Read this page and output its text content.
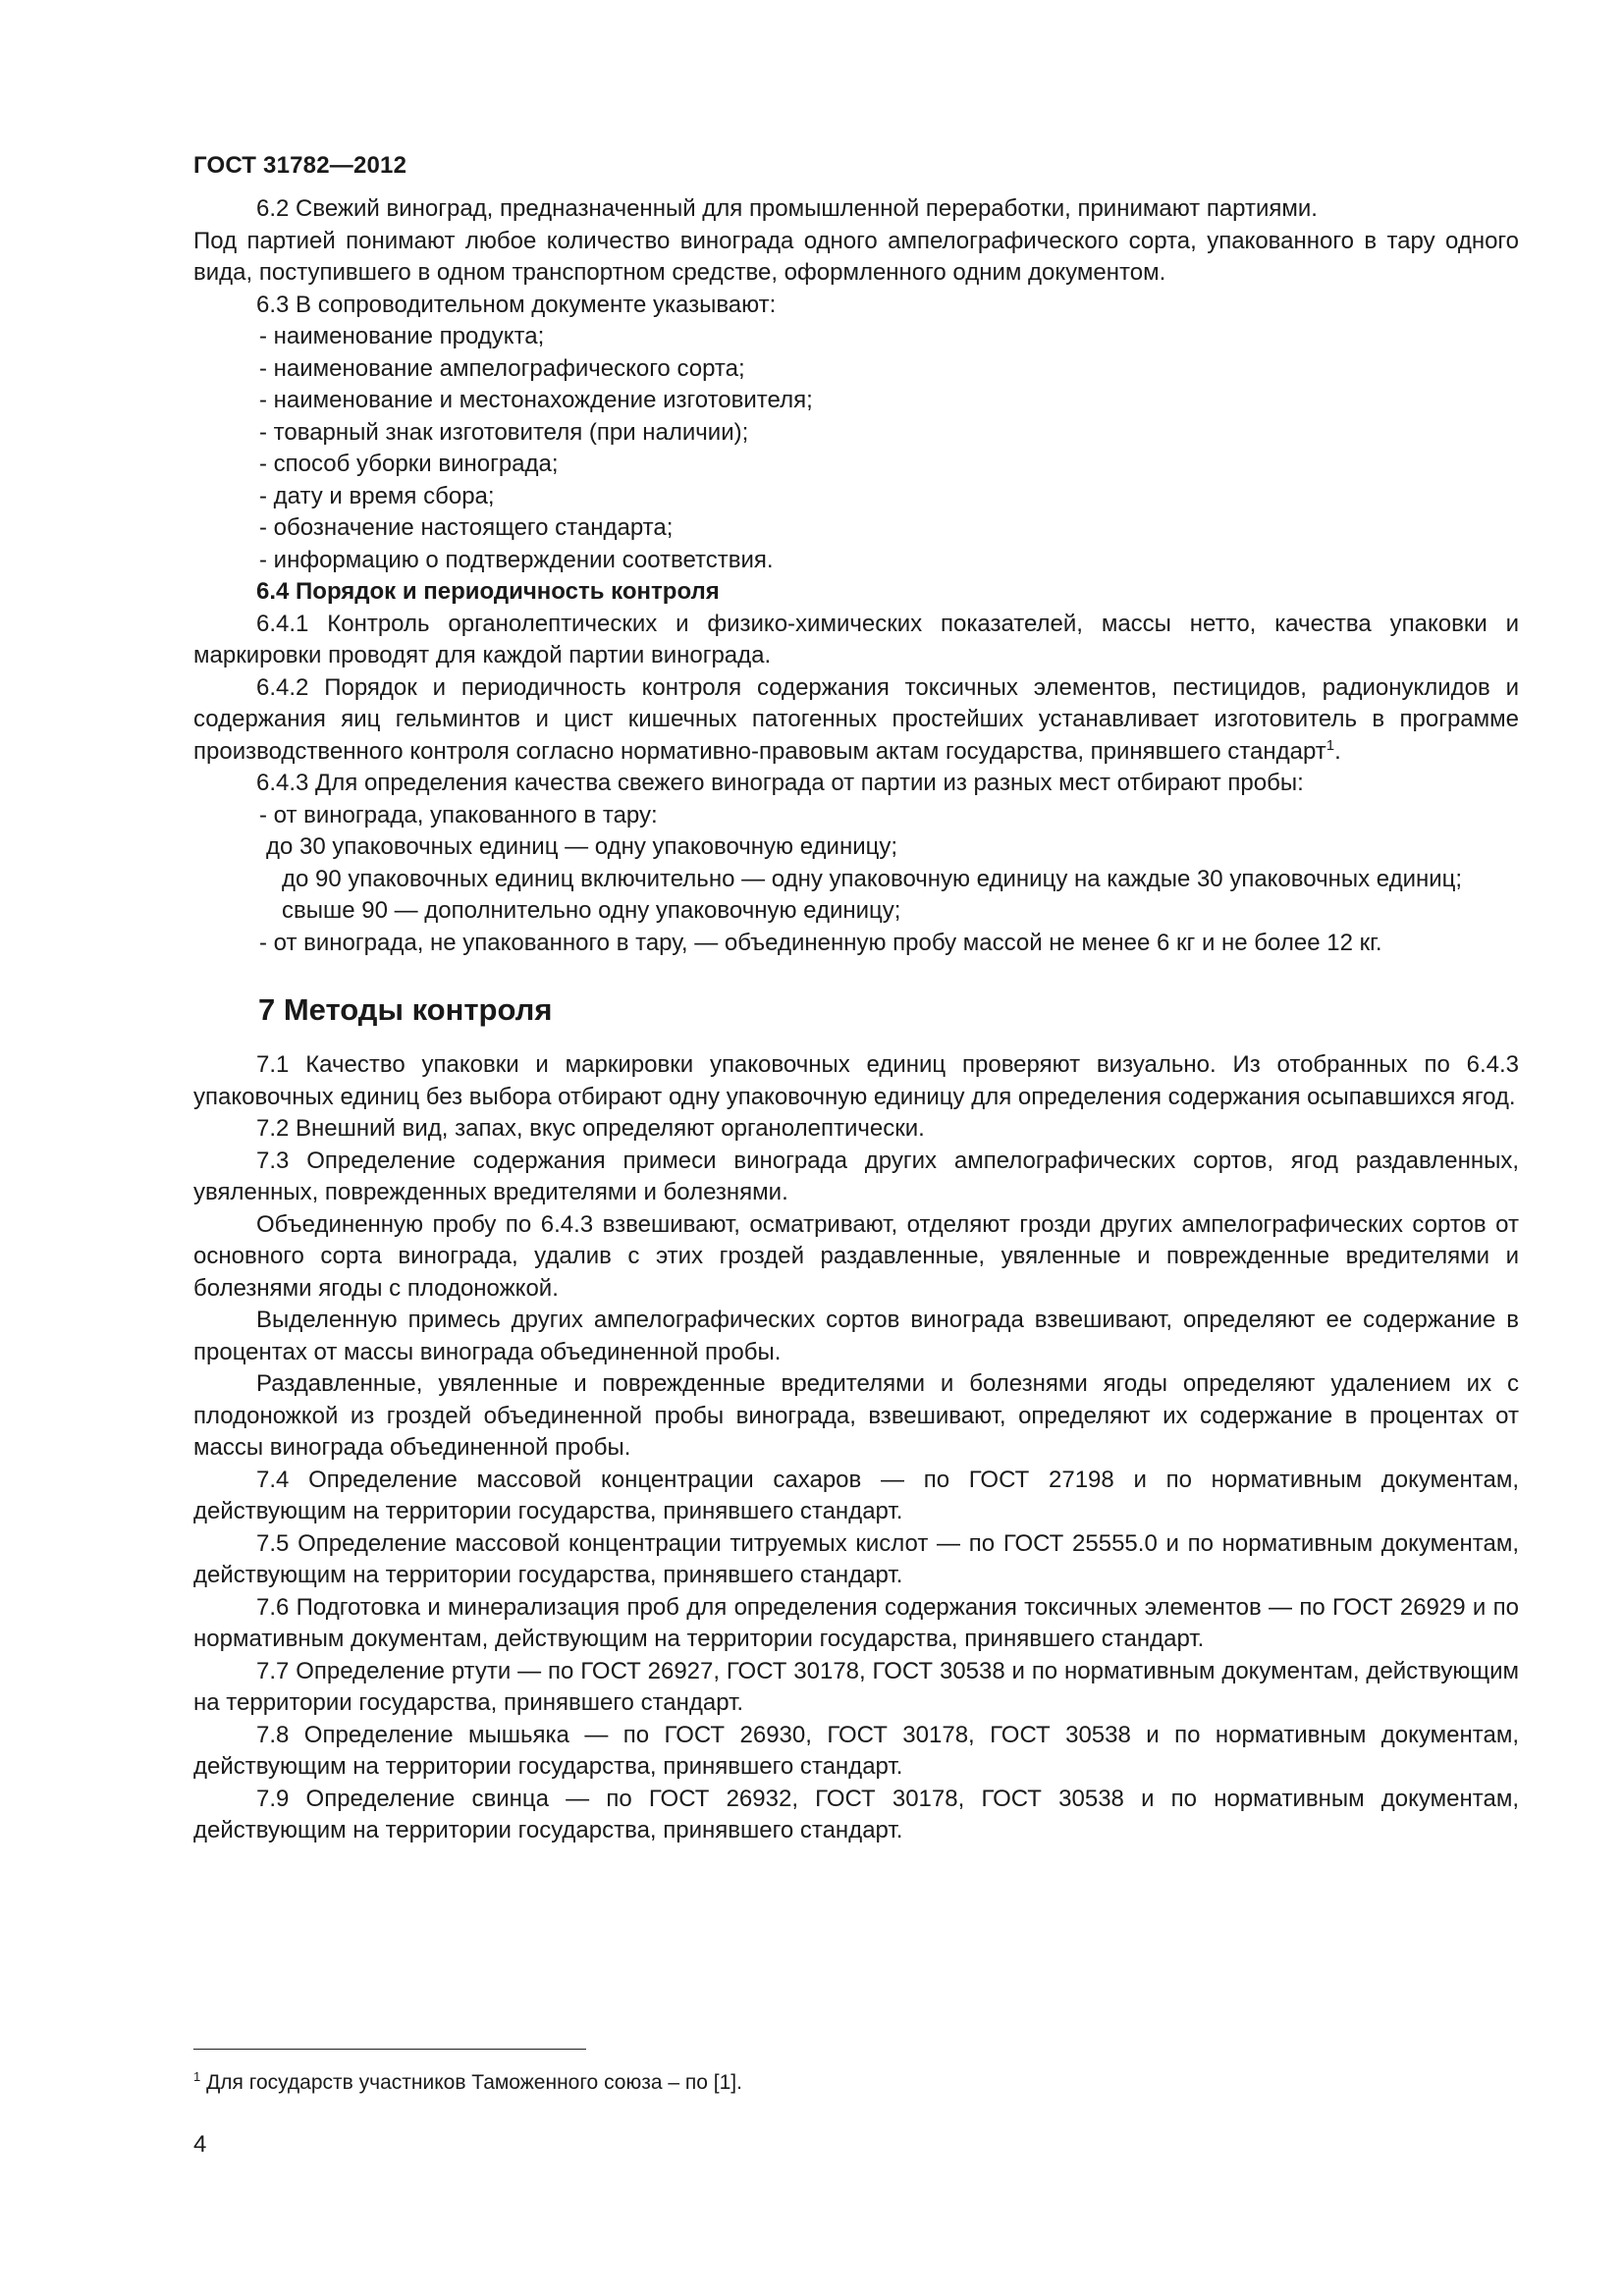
ГОСТ 31782—2012

6.2 Свежий виноград, предназначенный для промышленной переработки, принимают партиями.
Под партией понимают любое количество винограда одного ампелографического сорта, упакованного в тару одного вида, поступившего в одном транспортном средстве, оформленного одним документом.

6.3 В сопроводительном документе указывают:

- наименование продукта;

- наименование ампелографического сорта;

- наименование и местонахождение изготовителя;

- товарный знак изготовителя (при наличии);

- способ уборки винограда;

- дату и время сбора;

- обозначение настоящего стандарта;

- информацию о подтверждении соответствия.

6.4 Порядок и периодичность контроля

6.4.1 Контроль органолептических и физико-химических показателей, массы нетто, качества упаковки и маркировки проводят для каждой партии винограда.

6.4.2 Порядок и периодичность контроля содержания токсичных элементов, пестицидов, радионуклидов и содержания яиц гельминтов и цист кишечных патогенных простейших устанавливает изготовитель в программе производственного контроля согласно нормативно-правовым актам государства, принявшего стандарт$^1$.

6.4.3 Для определения качества свежего винограда от партии из разных мест отбирают пробы:

- от винограда, упакованного в тару:

до 30 упаковочных единиц — одну упаковочную единицу;

до 90 упаковочных единиц включительно — одну упаковочную единицу на каждые 30 упаковочных единиц;

свыше 90 — дополнительно одну упаковочную единицу;

- от винограда, не упакованного в тару, — объединенную пробу массой не менее 6 кг и не более 12 кг.

7 Методы контроля

7.1 Качество упаковки и маркировки упаковочных единиц проверяют визуально. Из отобранных по 6.4.3 упаковочных единиц без выбора отбирают одну упаковочную единицу для определения содержания осыпавшихся ягод.

7.2 Внешний вид, запах, вкус определяют органолептически.

7.3 Определение содержания примеси винограда других ампелографических сортов, ягод раздавленных, увяленных, поврежденных вредителями и болезнями.

Объединенную пробу по 6.4.3 взвешивают, осматривают, отделяют грозди других ампелографических сортов от основного сорта винограда, удалив с этих гроздей раздавленные, увяленные и поврежденные вредителями и болезнями ягоды с плодоножкой.

Выделенную примесь других ампелографических сортов винограда взвешивают, определяют ее содержание в процентах от массы винограда объединенной пробы.

Раздавленные, увяленные и поврежденные вредителями и болезнями ягоды определяют удалением их с плодоножкой из гроздей объединенной пробы винограда, взвешивают, определяют их содержание в процентах от массы винограда объединенной пробы.

7.4 Определение массовой концентрации сахаров — по ГОСТ 27198 и по нормативным документам, действующим на территории государства, принявшего стандарт.

7.5 Определение массовой концентрации титруемых кислот — по ГОСТ 25555.0 и по нормативным документам, действующим на территории государства, принявшего стандарт.

7.6 Подготовка и минерализация проб для определения содержания токсичных элементов — по ГОСТ 26929 и по нормативным документам, действующим на территории государства, принявшего стандарт.

7.7 Определение ртути — по ГОСТ 26927, ГОСТ 30178, ГОСТ 30538 и по нормативным документам, действующим на территории государства, принявшего стандарт.

7.8 Определение мышьяка — по ГОСТ 26930, ГОСТ 30178, ГОСТ 30538 и по нормативным документам, действующим на территории государства, принявшего стандарт.

7.9 Определение свинца — по ГОСТ 26932, ГОСТ 30178, ГОСТ 30538 и по нормативным документам, действующим на территории государства, принявшего стандарт.

$^1$ Для государств участников Таможенного союза – по [1].

4
